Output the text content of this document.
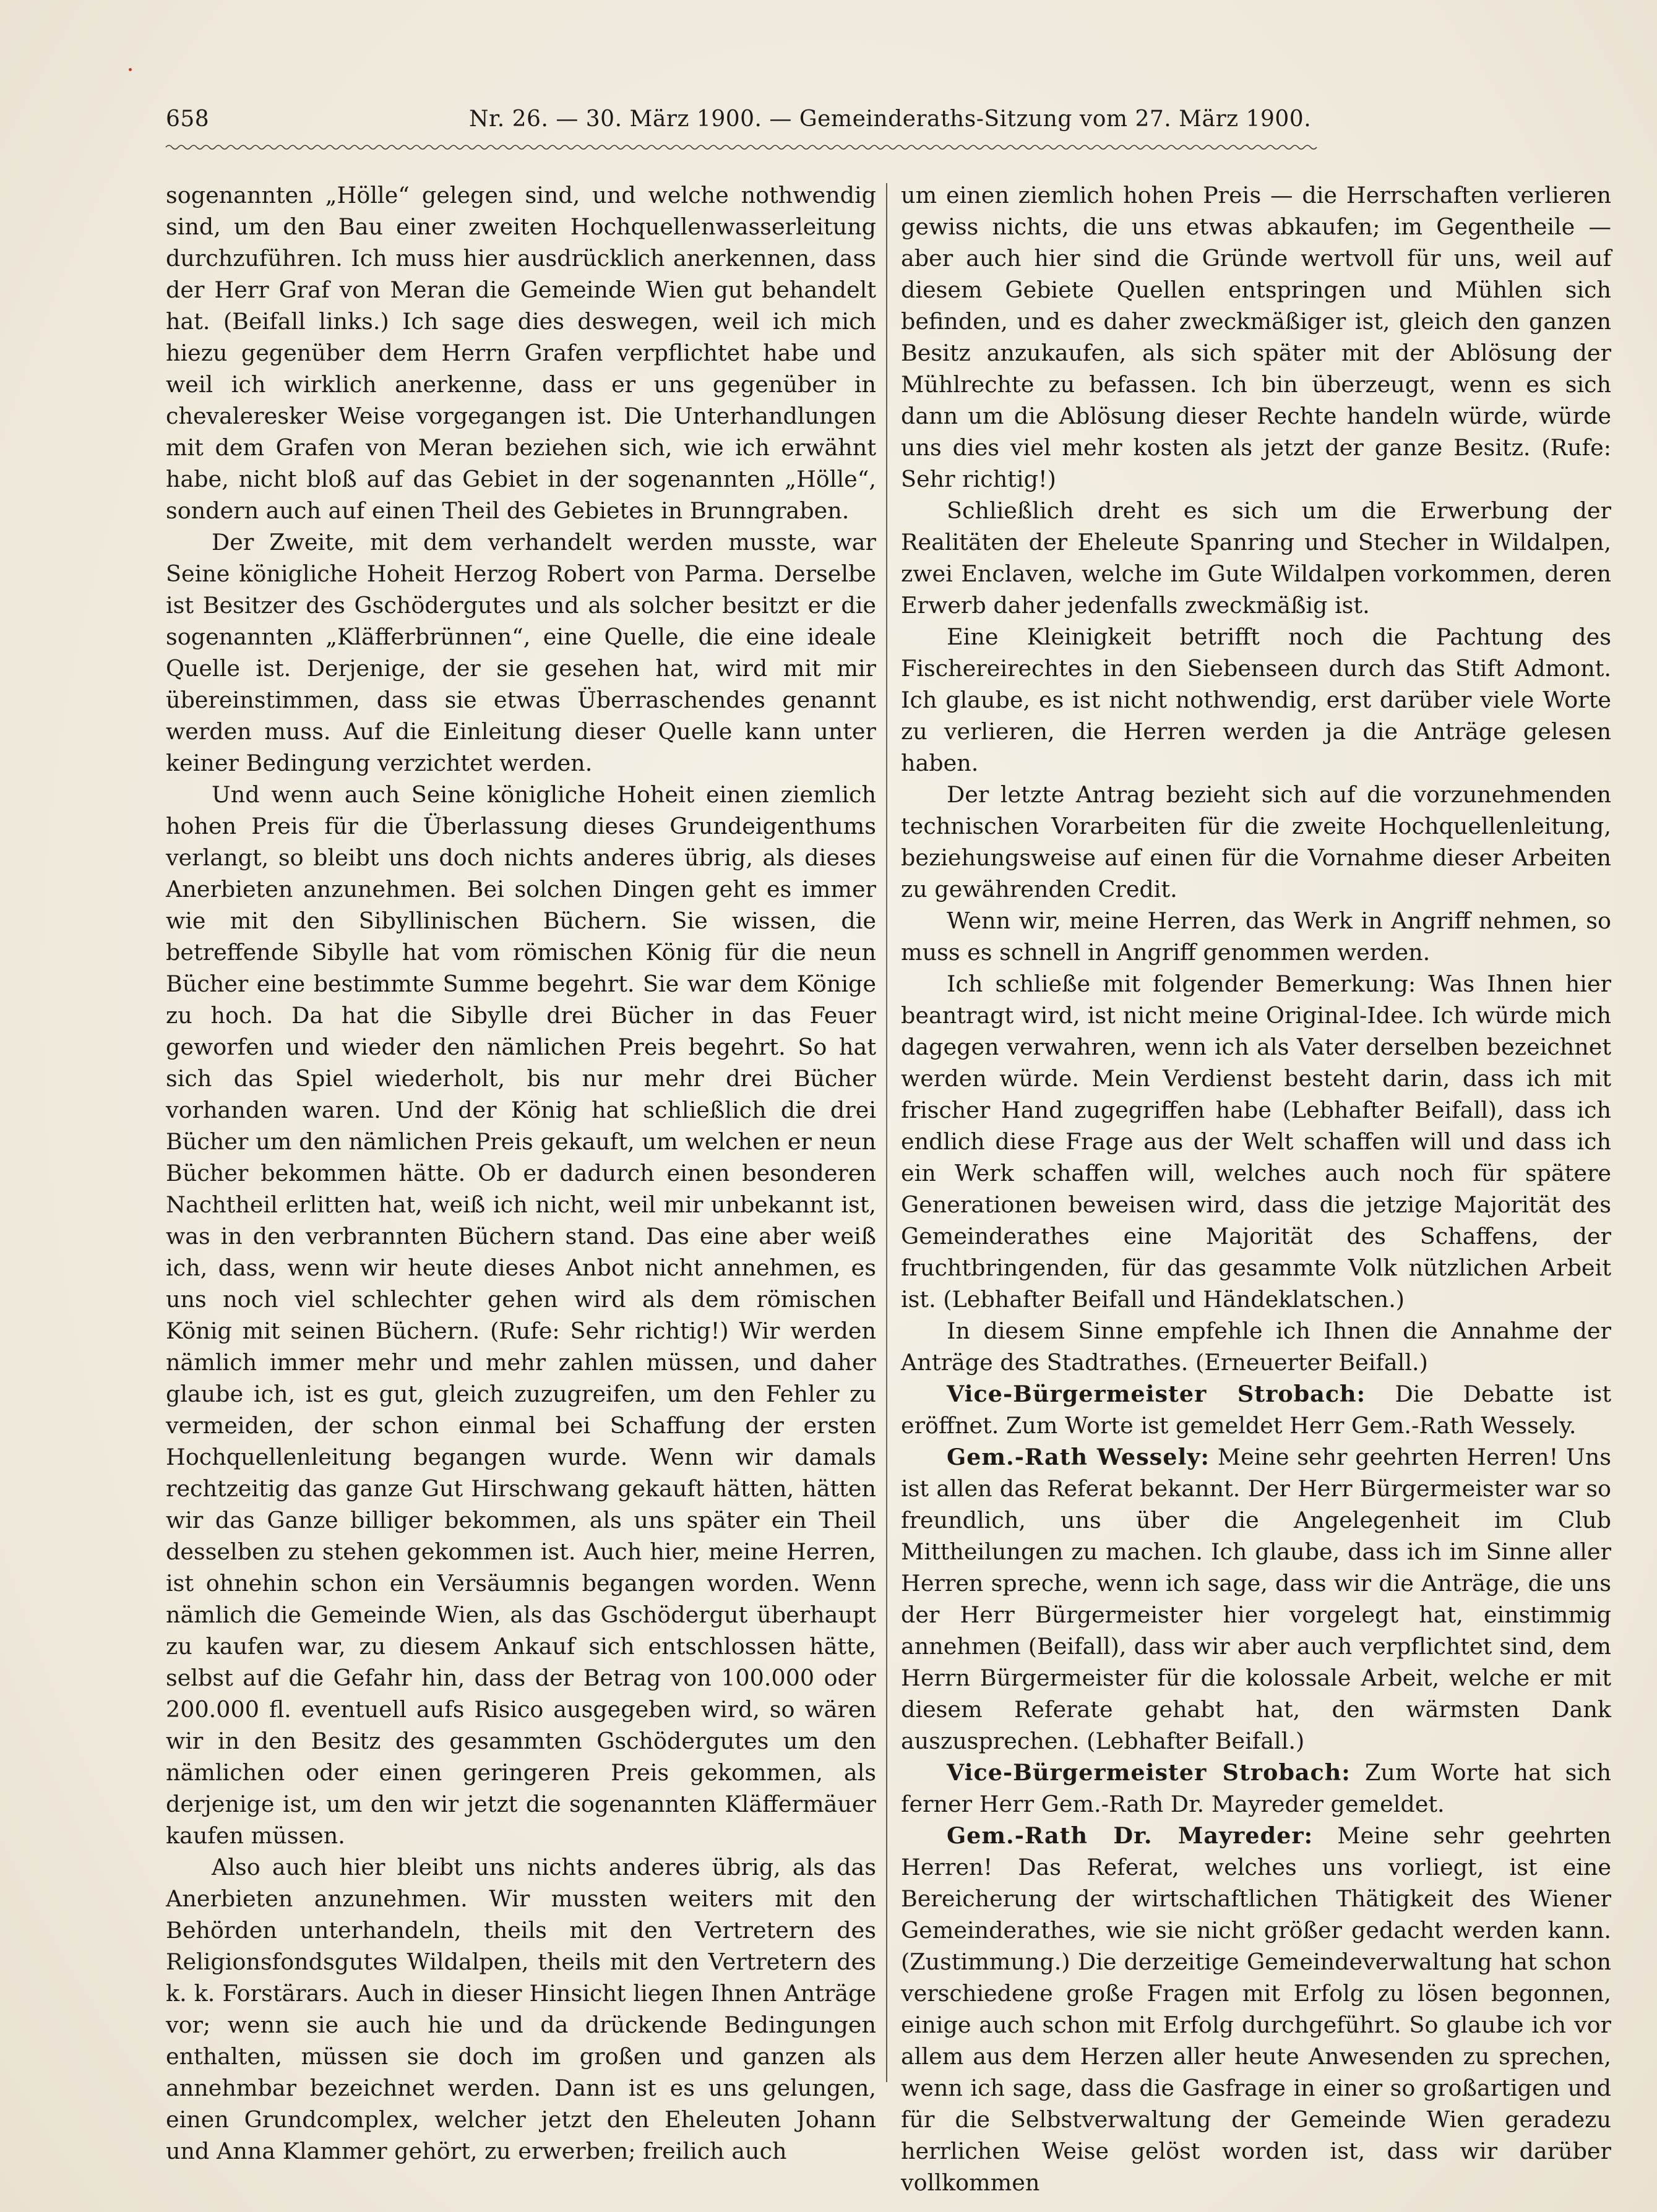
658	Nr. 26. — 30. März 1900. — Gemeinderaths-Sitzung vom 27. März 1900.

sogenannten „Hölle“ gelegen sind, und welche nothwendig sind, um den Bau einer zweiten Hochquellenwasserleitung durchzuführen. Ich muss hier ausdrücklich anerkennen, dass der Herr Graf von Meran die Gemeinde Wien gut behandelt hat. (Beifall links.) Ich sage dies deswegen, weil ich mich hiezu gegenüber dem Herrn Grafen verpflichtet habe und weil ich wirklich anerkenne, dass er uns gegenüber in chevaleresker Weise vorgegangen ist. Die Unterhandlungen mit dem Grafen von Meran beziehen sich, wie ich erwähnt habe, nicht bloß auf das Gebiet in der sogenannten „Hölle“, sondern auch auf einen Theil des Gebietes in Brunngraben.

Der Zweite, mit dem verhandelt werden musste, war Seine königliche Hoheit Herzog Robert von Parma. Derselbe ist Besitzer des Gschödergutes und als solcher besitzt er die sogenannten „Kläfferbrünnen“, eine Quelle, die eine ideale Quelle ist. Derjenige, der sie gesehen hat, wird mit mir übereinstimmen, dass sie etwas Überraschendes genannt werden muss. Auf die Einleitung dieser Quelle kann unter keiner Bedingung verzichtet werden.

Und wenn auch Seine königliche Hoheit einen ziemlich hohen Preis für die Überlassung dieses Grundeigenthums verlangt, so bleibt uns doch nichts anderes übrig, als dieses Anerbieten anzunehmen. Bei solchen Dingen geht es immer wie mit den Sibyllinischen Büchern. Sie wissen, die betreffende Sibylle hat vom römischen König für die neun Bücher eine bestimmte Summe begehrt. Sie war dem Könige zu hoch. Da hat die Sibylle drei Bücher in das Feuer geworfen und wieder den nämlichen Preis begehrt. So hat sich das Spiel wiederholt, bis nur mehr drei Bücher vorhanden waren. Und der König hat schließlich die drei Bücher um den nämlichen Preis gekauft, um welchen er neun Bücher bekommen hätte. Ob er dadurch einen besonderen Nachtheil erlitten hat, weiß ich nicht, weil mir unbekannt ist, was in den verbrannten Büchern stand. Das eine aber weiß ich, dass, wenn wir heute dieses Anbot nicht annehmen, es uns noch viel schlechter gehen wird als dem römischen König mit seinen Büchern. (Rufe: Sehr richtig!) Wir werden nämlich immer mehr und mehr zahlen müssen, und daher glaube ich, ist es gut, gleich zuzugreifen, um den Fehler zu vermeiden, der schon einmal bei Schaffung der ersten Hochquellenleitung begangen wurde. Wenn wir damals rechtzeitig das ganze Gut Hirschwang gekauft hätten, hätten wir das Ganze billiger bekommen, als uns später ein Theil desselben zu stehen gekommen ist. Auch hier, meine Herren, ist ohnehin schon ein Versäumnis begangen worden. Wenn nämlich die Gemeinde Wien, als das Gschödergut überhaupt zu kaufen war, zu diesem Ankauf sich entschlossen hätte, selbst auf die Gefahr hin, dass der Betrag von 100.000 oder 200.000 fl. eventuell aufs Risico ausgegeben wird, so wären wir in den Besitz des gesammten Gschödergutes um den nämlichen oder einen geringeren Preis gekommen, als derjenige ist, um den wir jetzt die sogenannten Kläffermäuer kaufen müssen.

Also auch hier bleibt uns nichts anderes übrig, als das Anerbieten anzunehmen. Wir mussten weiters mit den Behörden unterhandeln, theils mit den Vertretern des Religionsfondsgutes Wildalpen, theils mit den Vertretern des k. k. Forstärars. Auch in dieser Hinsicht liegen Ihnen Anträge vor; wenn sie auch hie und da drückende Bedingungen enthalten, müssen sie doch im großen und ganzen als annehmbar bezeichnet werden. Dann ist es uns gelungen, einen Grundcomplex, welcher jetzt den Eheleuten Johann und Anna Klammer gehört, zu erwerben; freilich auch

um einen ziemlich hohen Preis — die Herrschaften verlieren gewiss nichts, die uns etwas abkaufen; im Gegentheile — aber auch hier sind die Gründe wertvoll für uns, weil auf diesem Gebiete Quellen entspringen und Mühlen sich befinden, und es daher zweckmäßiger ist, gleich den ganzen Besitz anzukaufen, als sich später mit der Ablösung der Mühlrechte zu befassen. Ich bin überzeugt, wenn es sich dann um die Ablösung dieser Rechte handeln würde, würde uns dies viel mehr kosten als jetzt der ganze Besitz. (Rufe: Sehr richtig!)

Schließlich dreht es sich um die Erwerbung der Realitäten der Eheleute Spanring und Stecher in Wildalpen, zwei Enclaven, welche im Gute Wildalpen vorkommen, deren Erwerb daher jedenfalls zweckmäßig ist.

Eine Kleinigkeit betrifft noch die Pachtung des Fischereirechtes in den Siebenseen durch das Stift Admont. Ich glaube, es ist nicht nothwendig, erst darüber viele Worte zu verlieren, die Herren werden ja die Anträge gelesen haben.

Der letzte Antrag bezieht sich auf die vorzunehmenden technischen Vorarbeiten für die zweite Hochquellenleitung, beziehungsweise auf einen für die Vornahme dieser Arbeiten zu gewährenden Credit.

Wenn wir, meine Herren, das Werk in Angriff nehmen, so muss es schnell in Angriff genommen werden.

Ich schließe mit folgender Bemerkung: Was Ihnen hier beantragt wird, ist nicht meine Original-Idee. Ich würde mich dagegen verwahren, wenn ich als Vater derselben bezeichnet werden würde. Mein Verdienst besteht darin, dass ich mit frischer Hand zugegriffen habe (Lebhafter Beifall), dass ich endlich diese Frage aus der Welt schaffen will und dass ich ein Werk schaffen will, welches auch noch für spätere Generationen beweisen wird, dass die jetzige Majorität des Gemeinderathes eine Majorität des Schaffens, der fruchtbringenden, für das gesammte Volk nützlichen Arbeit ist. (Lebhafter Beifall und Händeklatschen.)

In diesem Sinne empfehle ich Ihnen die Annahme der Anträge des Stadtrathes. (Erneuerter Beifall.)

Vice-Bürgermeister Strobach: Die Debatte ist eröffnet. Zum Worte ist gemeldet Herr Gem.-Rath Wessely.

Gem.-Rath Wessely: Meine sehr geehrten Herren! Uns ist allen das Referat bekannt. Der Herr Bürgermeister war so freundlich, uns über die Angelegenheit im Club Mittheilungen zu machen. Ich glaube, dass ich im Sinne aller Herren spreche, wenn ich sage, dass wir die Anträge, die uns der Herr Bürgermeister hier vorgelegt hat, einstimmig annehmen (Beifall), dass wir aber auch verpflichtet sind, dem Herrn Bürgermeister für die kolossale Arbeit, welche er mit diesem Referate gehabt hat, den wärmsten Dank auszusprechen. (Lebhafter Beifall.)

Vice-Bürgermeister Strobach: Zum Worte hat sich ferner Herr Gem.-Rath Dr. Mayreder gemeldet.

Gem.-Rath Dr. Mayreder: Meine sehr geehrten Herren! Das Referat, welches uns vorliegt, ist eine Bereicherung der wirtschaftlichen Thätigkeit des Wiener Gemeinderathes, wie sie nicht größer gedacht werden kann. (Zustimmung.) Die derzeitige Gemeindeverwaltung hat schon verschiedene große Fragen mit Erfolg zu lösen begonnen, einige auch schon mit Erfolg durchgeführt. So glaube ich vor allem aus dem Herzen aller heute Anwesenden zu sprechen, wenn ich sage, dass die Gasfrage in einer so großartigen und für die Selbstverwaltung der Gemeinde Wien geradezu herrlichen Weise gelöst worden ist, dass wir darüber vollkommen
